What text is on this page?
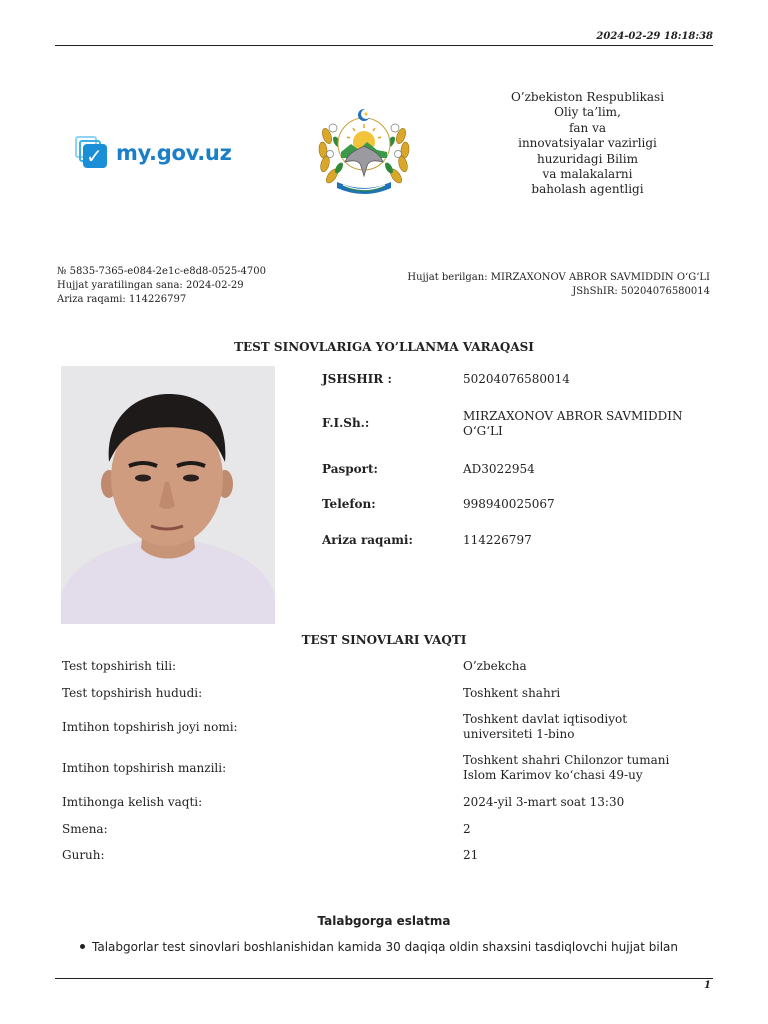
2024-02-29 18:18:38
✓ my.gov.uz
O’zbekiston Respublikasi
Oliy ta’lim,
fan va
innovatsiyalar vazirligi
huzuridagi Bilim
va malakalarni
baholash agentligi
№ 5835-7365-e084-2e1c-e8d8-0525-4700
Hujjat yaratilingan sana: 2024-02-29
Ariza raqami: 114226797
Hujjat berilgan: MIRZAXONOV ABROR SAVMIDDIN O‘G‘LI
JShShIR: 50204076580014
TEST SINOVLARIGA YO’LLANMA VARAQASI
JSHSHIR :	50204076580014
F.I.Sh.:	MIRZAXONOV ABROR SAVMIDDIN
O‘G‘LI
Pasport:	AD3022954
Telefon:	998940025067
Ariza raqami:	114226797
TEST SINOVLARI VAQTI
Test topshirish tili:	O’zbekcha
Test topshirish hududi:	Toshkent shahri
Imtihon topshirish joyi nomi:
Toshkent davlat iqtisodiyot
universiteti 1-bino
Imtihon topshirish manzili:
Toshkent shahri Chilonzor tumani
Islom Karimov ko‘chasi 49-uy
Imtihonga kelish vaqti:	2024-yil 3-mart soat 13:30
Smena:	2
Guruh:	21
Talabgorga eslatma
Talabgorlar test sinovlari boshlanishidan kamida 30 daqiqa oldin shaxsini tasdiqlovchi hujjat bilan
1
